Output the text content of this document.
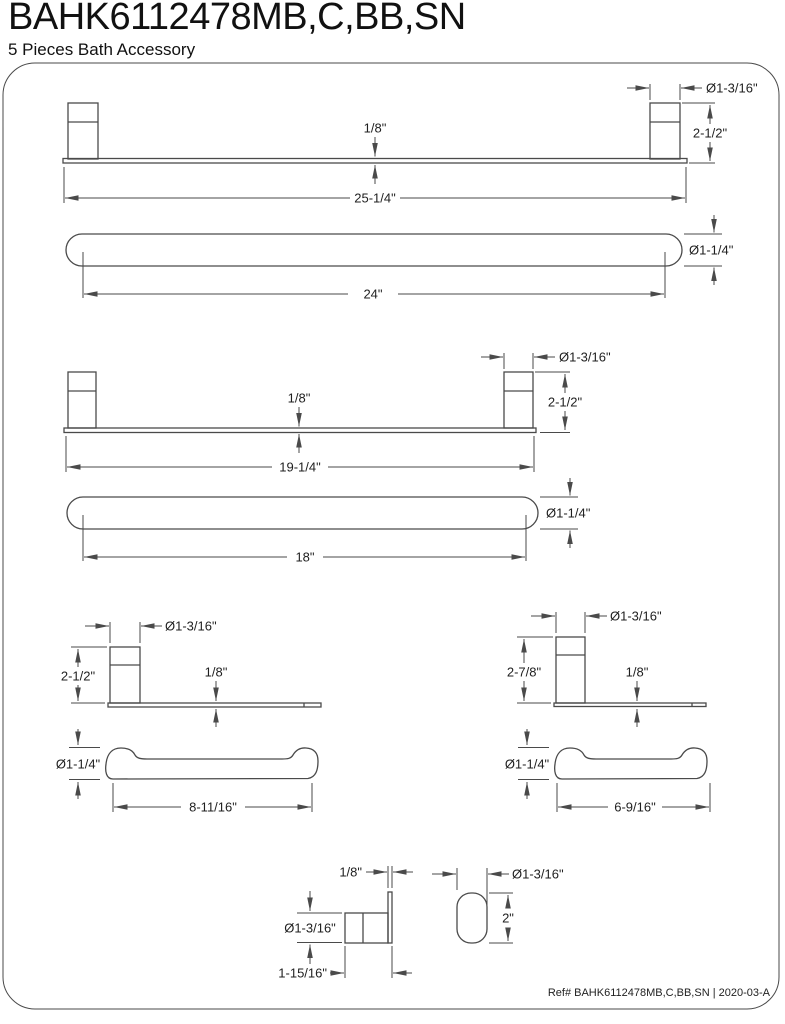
BAHK6112478MB,C,BB,SN
5 Pieces Bath Accessory
Ø1-3/16"
2-1/2"
1/8"
25-1/4"
24"
Ø1-1/4"
Ø1-3/16"
2-1/2"
1/8"
19-1/4"
18"
Ø1-1/4"
Ø1-3/16"
2-1/2"	1/8"
Ø1-1/4"
8-11/16"
Ø1-3/16"
2-7/8"	1/8"
Ø1-1/4"
6-9/16"
1/8"
Ø1-3/16"
1-15/16"
Ø1-3/16"
2"
Ref# BAHK6112478MB,C,BB,SN | 2020-03-A
